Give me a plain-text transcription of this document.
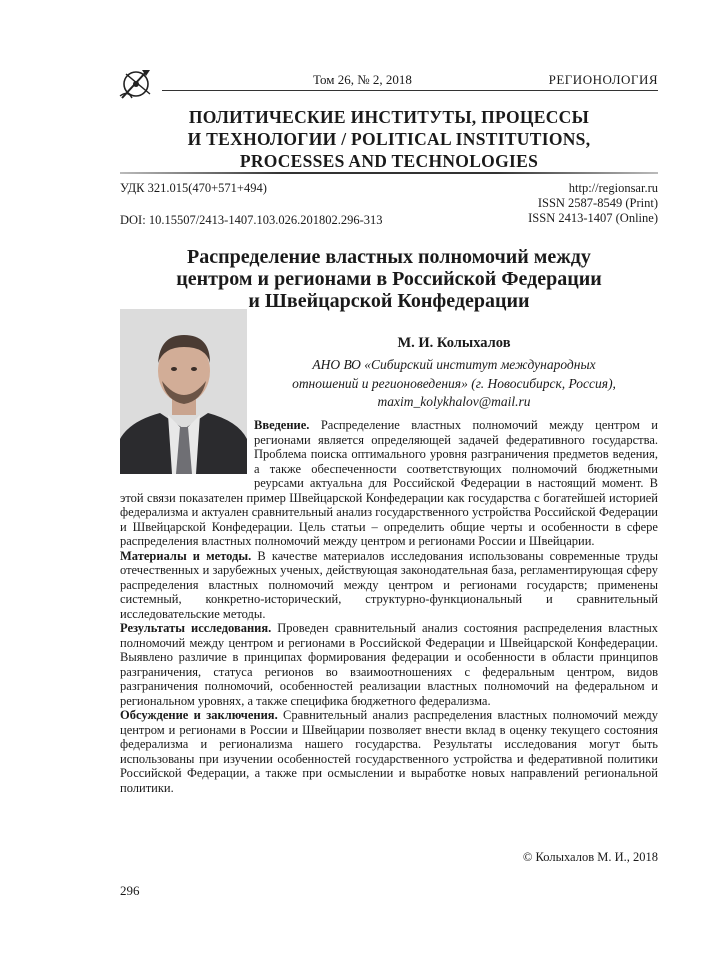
Том 26, № 2, 2018	РЕГИОНОЛОГИЯ
ПОЛИТИЧЕСКИЕ ИНСТИТУТЫ, ПРОЦЕССЫ
И ТЕХНОЛОГИИ / POLITICAL INSTITUTIONS,
PROCESSES AND TECHNOLOGIES
УДК 321.015(470+571+494)
DOI: 10.15507/2413-1407.103.026.201802.296-313
http://regionsar.ru
ISSN 2587-8549 (Print)
ISSN 2413-1407 (Online)
Распределение властных полномочий между
центром и регионами в Российской Федерации
и Швейцарской Конфедерации
М. И. Колыхалов
АНО ВО «Сибирский институт международных
отношений и регионоведения» (г. Новосибирск, Россия),
maxim_kolykhalov@mail.ru

Введение. Распределение властных полномочий между центром и регионами является определяющей задачей федеративного государства. Проблема поиска оптимального уровня разграничения предметов ведения, а также обеспеченности соответствующих полномочий бюджетными реурсами актуальна для Российской Федерации в настоящий момент. В этой связи показателен пример Швейцарской Конфедерации как государства с богатейшей историей федерализма и актуален сравнительный анализ государственного устройства Российской Федерации и Швейцарской Конфедерации. Цель статьи – определить общие черты и особенности в сфере распределения властных полномочий между центром и регионами России и Швейцарии.

Материалы и методы. В качестве материалов исследования использованы современные труды отечественных и зарубежных ученых, действующая законодательная база, регламентирующая сферу распределения властных полномочий между центром и регионами государств; применены системный, конкретно-исторический, структурно-функциональный и сравнительный исследовательские методы.

Результаты исследования. Проведен сравнительный анализ состояния распределения властных полномочий между центром и регионами в Российской Федерации и Швейцарской Конфедерации. Выявлено различие в принципах формирования федерации и особенности в области принципов разграничения, статуса регионов во взаимоотношениях с федеральным центром, видов разграничения полномочий, особенностей реализации властных полномочий на федеральном и региональном уровнях, а также специфика бюджетного федерализма.

Обсуждение и заключения. Сравнительный анализ распределения властных полномочий между центром и регионами в России и Швейцарии позволяет внести вклад в оценку текущего состояния федерализма и регионализма нашего государства. Результаты исследования могут быть использованы при изучении особенностей государственного устройства и федеративной политики Российской Федерации, а также при осмыслении и выработке новых направлений региональной политики.

© Колыхалов М. И., 2018
296
